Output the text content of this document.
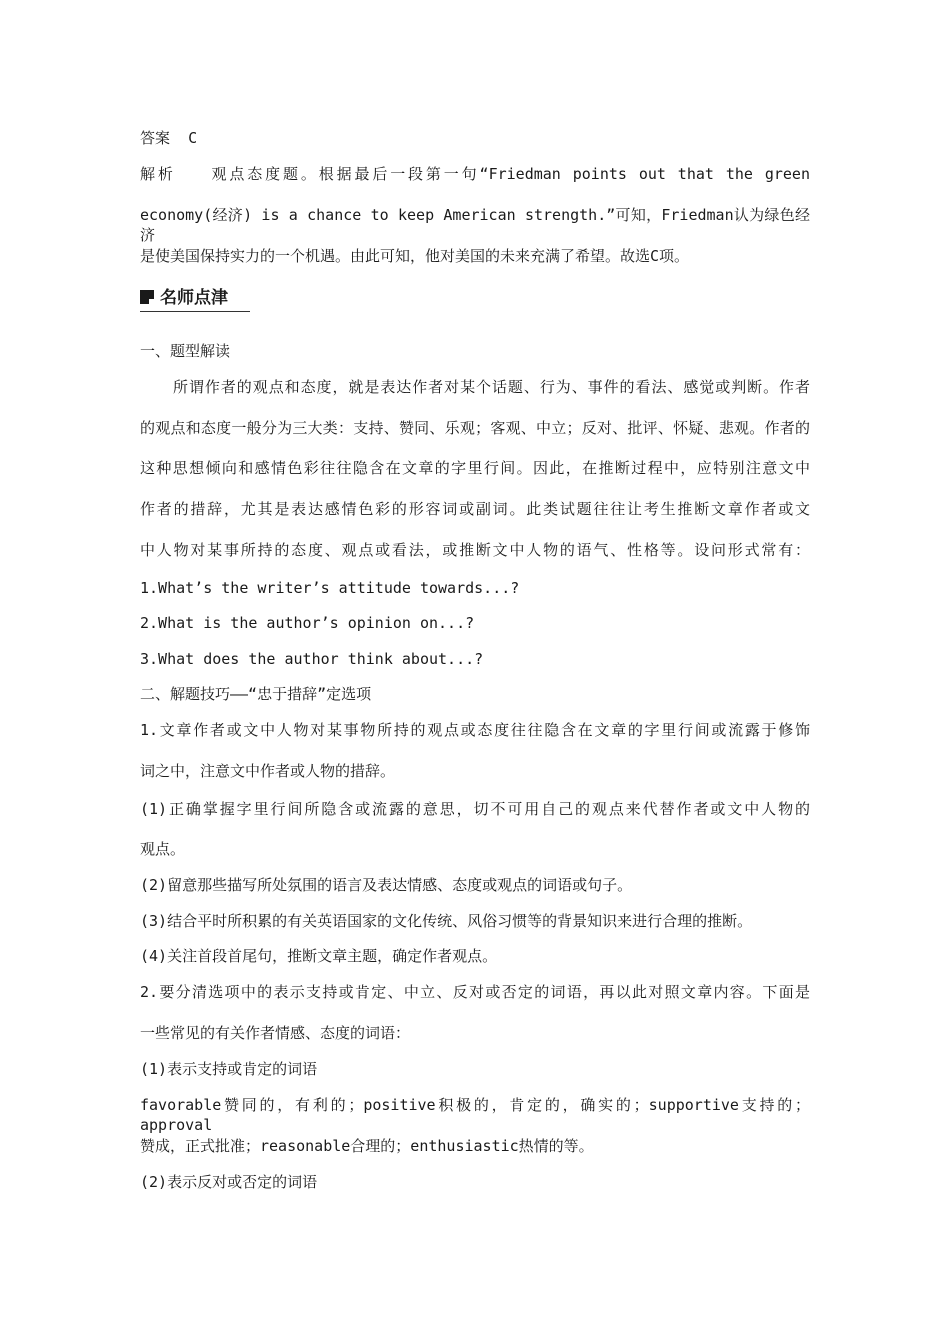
答案 C
解析 观点态度题。根据最后一段第一句“Friedman points out that the green
economy(经济) is a chance to keep American strength.”可知，Friedman认为绿色经济
是使美国保持实力的一个机遇。由此可知，他对美国的未来充满了希望。故选C项。
名师点津
一、题型解读
所谓作者的观点和态度，就是表达作者对某个话题、行为、事件的看法、感觉或判断。作者
的观点和态度一般分为三大类：支持、赞同、乐观；客观、中立；反对、批评、怀疑、悲观。作者的
这种思想倾向和感情色彩往往隐含在文章的字里行间。因此，在推断过程中，应特别注意文中
作者的措辞，尤其是表达感情色彩的形容词或副词。此类试题往往让考生推断文章作者或文
中人物对某事所持的态度、观点或看法，或推断文中人物的语气、性格等。设问形式常有：
1.What’s the writer’s attitude towards...?
2.What is the author’s opinion on...?
3.What does the author think about...?
二、解题技巧——“忠于措辞”定选项
1.文章作者或文中人物对某事物所持的观点或态度往往隐含在文章的字里行间或流露于修饰
词之中，注意文中作者或人物的措辞。
(1)正确掌握字里行间所隐含或流露的意思，切不可用自己的观点来代替作者或文中人物的
观点。
(2)留意那些描写所处氛围的语言及表达情感、态度或观点的词语或句子。
(3)结合平时所积累的有关英语国家的文化传统、风俗习惯等的背景知识来进行合理的推断。
(4)关注首段首尾句，推断文章主题，确定作者观点。
2.要分清选项中的表示支持或肯定、中立、反对或否定的词语，再以此对照文章内容。下面是
一些常见的有关作者情感、态度的词语：
(1)表示支持或肯定的词语
favorable赞同的，有利的；positive积极的，肯定的，确实的；supportive支持的；approval
赞成，正式批准；reasonable合理的；enthusiastic热情的等。
(2)表示反对或否定的词语
